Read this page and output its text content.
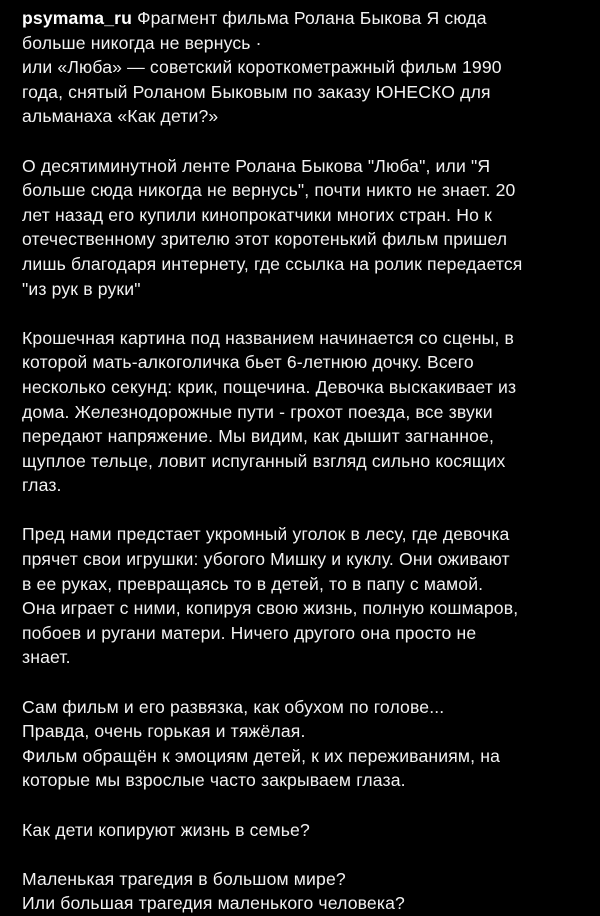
psymama_ru Фрагмент фильма Ролана Быкова Я сюда
больше никогда не вернусь ·
или «Люба» — советский короткометражный фильм 1990
года, снятый Роланом Быковым по заказу ЮНЕСКО для
альманаха «Как дети?»
О десятиминутной ленте Ролана Быкова "Люба", или "Я
больше сюда никогда не вернусь", почти никто не знает. 20
лет назад его купили кинопрокатчики многих стран. Но к
отечественному зрителю этот коротенький фильм пришел
лишь благодаря интернету, где ссылка на ролик передается
"из рук в руки"
Крошечная картина под названием начинается со сцены, в
которой мать-алкоголичка бьет 6-летнюю дочку. Всего
несколько секунд: крик, пощечина. Девочка выскакивает из
дома. Железнодорожные пути - грохот поезда, все звуки
передают напряжение. Мы видим, как дышит загнанное,
щуплое тельце, ловит испуганный взгляд сильно косящих
глаз.
Пред нами предстает укромный уголок в лесу, где девочка
прячет свои игрушки: убогого Мишку и куклу. Они оживают
в ее руках, превращаясь то в детей, то в папу с мамой.
Она играет с ними, копируя свою жизнь, полную кошмаров,
побоев и ругани матери. Ничего другого она просто не
знает.
Сам фильм и его развязка, как обухом по голове...
Правда, очень горькая и тяжёлая.
Фильм обращён к эмоциям детей, к их переживаниям, на
которые мы взрослые часто закрываем глаза.
Как дети копируют жизнь в семье?
Маленькая трагедия в большом мире?
Или большая трагедия маленького человека?
